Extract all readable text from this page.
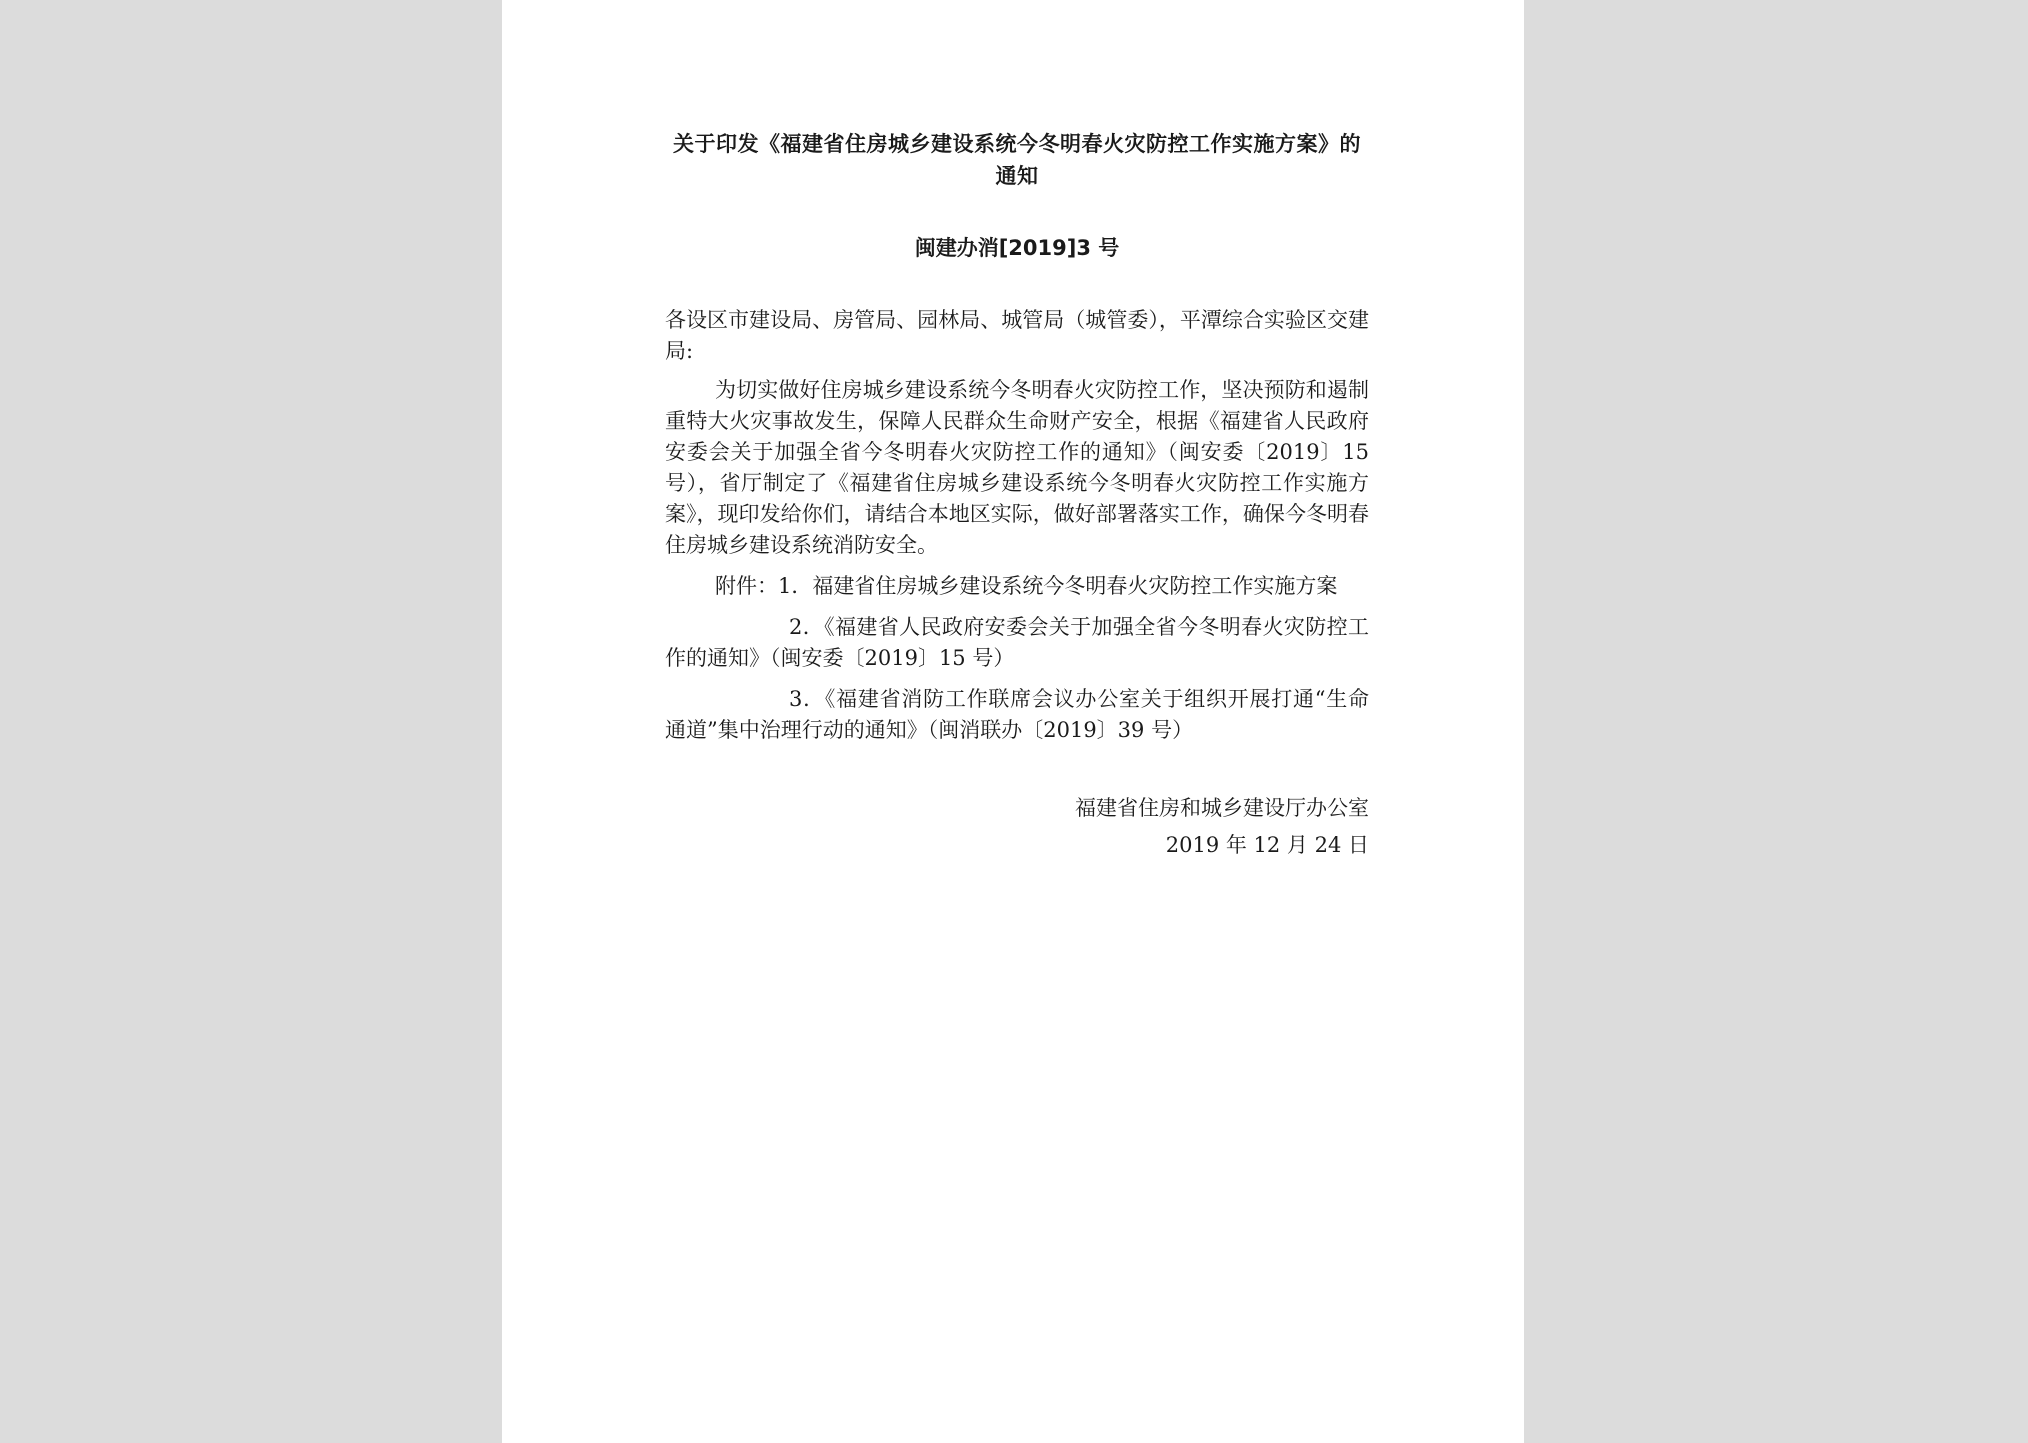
关于印发《福建省住房城乡建设系统今冬明春火灾防控工作实施方案》的通知

闽建办消[2019]3 号

各设区市建设局、房管局、园林局、城管局（城管委），平潭综合实验区交建局:

为切实做好住房城乡建设系统今冬明春火灾防控工作，坚决预防和遏制重特大火灾事故发生，保障人民群众生命财产安全，根据《福建省人民政府安委会关于加强全省今冬明春火灾防控工作的通知》（闽安委〔2019〕15 号），省厅制定了《福建省住房城乡建设系统今冬明春火灾防控工作实施方案》，现印发给你们，请结合本地区实际，做好部署落实工作，确保今冬明春住房城乡建设系统消防安全。

附件：1．福建省住房城乡建设系统今冬明春火灾防控工作实施方案

2．《福建省人民政府安委会关于加强全省今冬明春火灾防控工作的通知》（闽安委〔2019〕15 号）

3．《福建省消防工作联席会议办公室关于组织开展打通“生命通道”集中治理行动的通知》（闽消联办〔2019〕39 号）

福建省住房和城乡建设厅办公室
2019 年 12 月 24 日
